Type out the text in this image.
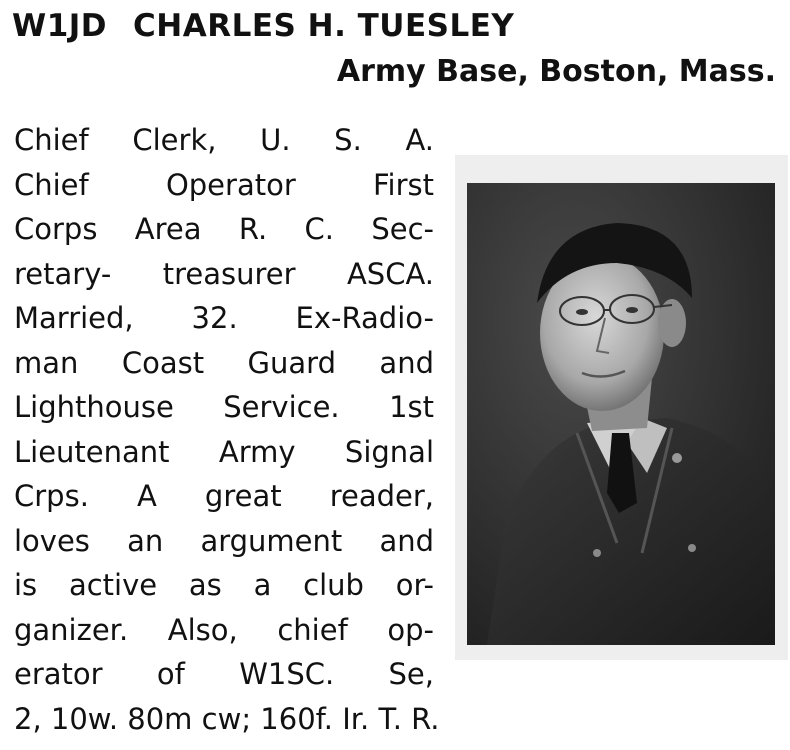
W1JD CHARLES H. TUESLEY
Army Base, Boston, Mass.
Chief Clerk, U. S. A.
Chief Operator First
Corps Area R. C. Sec-
retary- treasurer ASCA.
Married, 32. Ex-Radio-
man Coast Guard and
Lighthouse Service. 1st
Lieutenant Army Signal
Crps. A great reader,
loves an argument and
is active as a club or-
ganizer. Also, chief op-
erator of W1SC. Se,
2, 10w. 80m cw; 160f. Ir. T. R.
